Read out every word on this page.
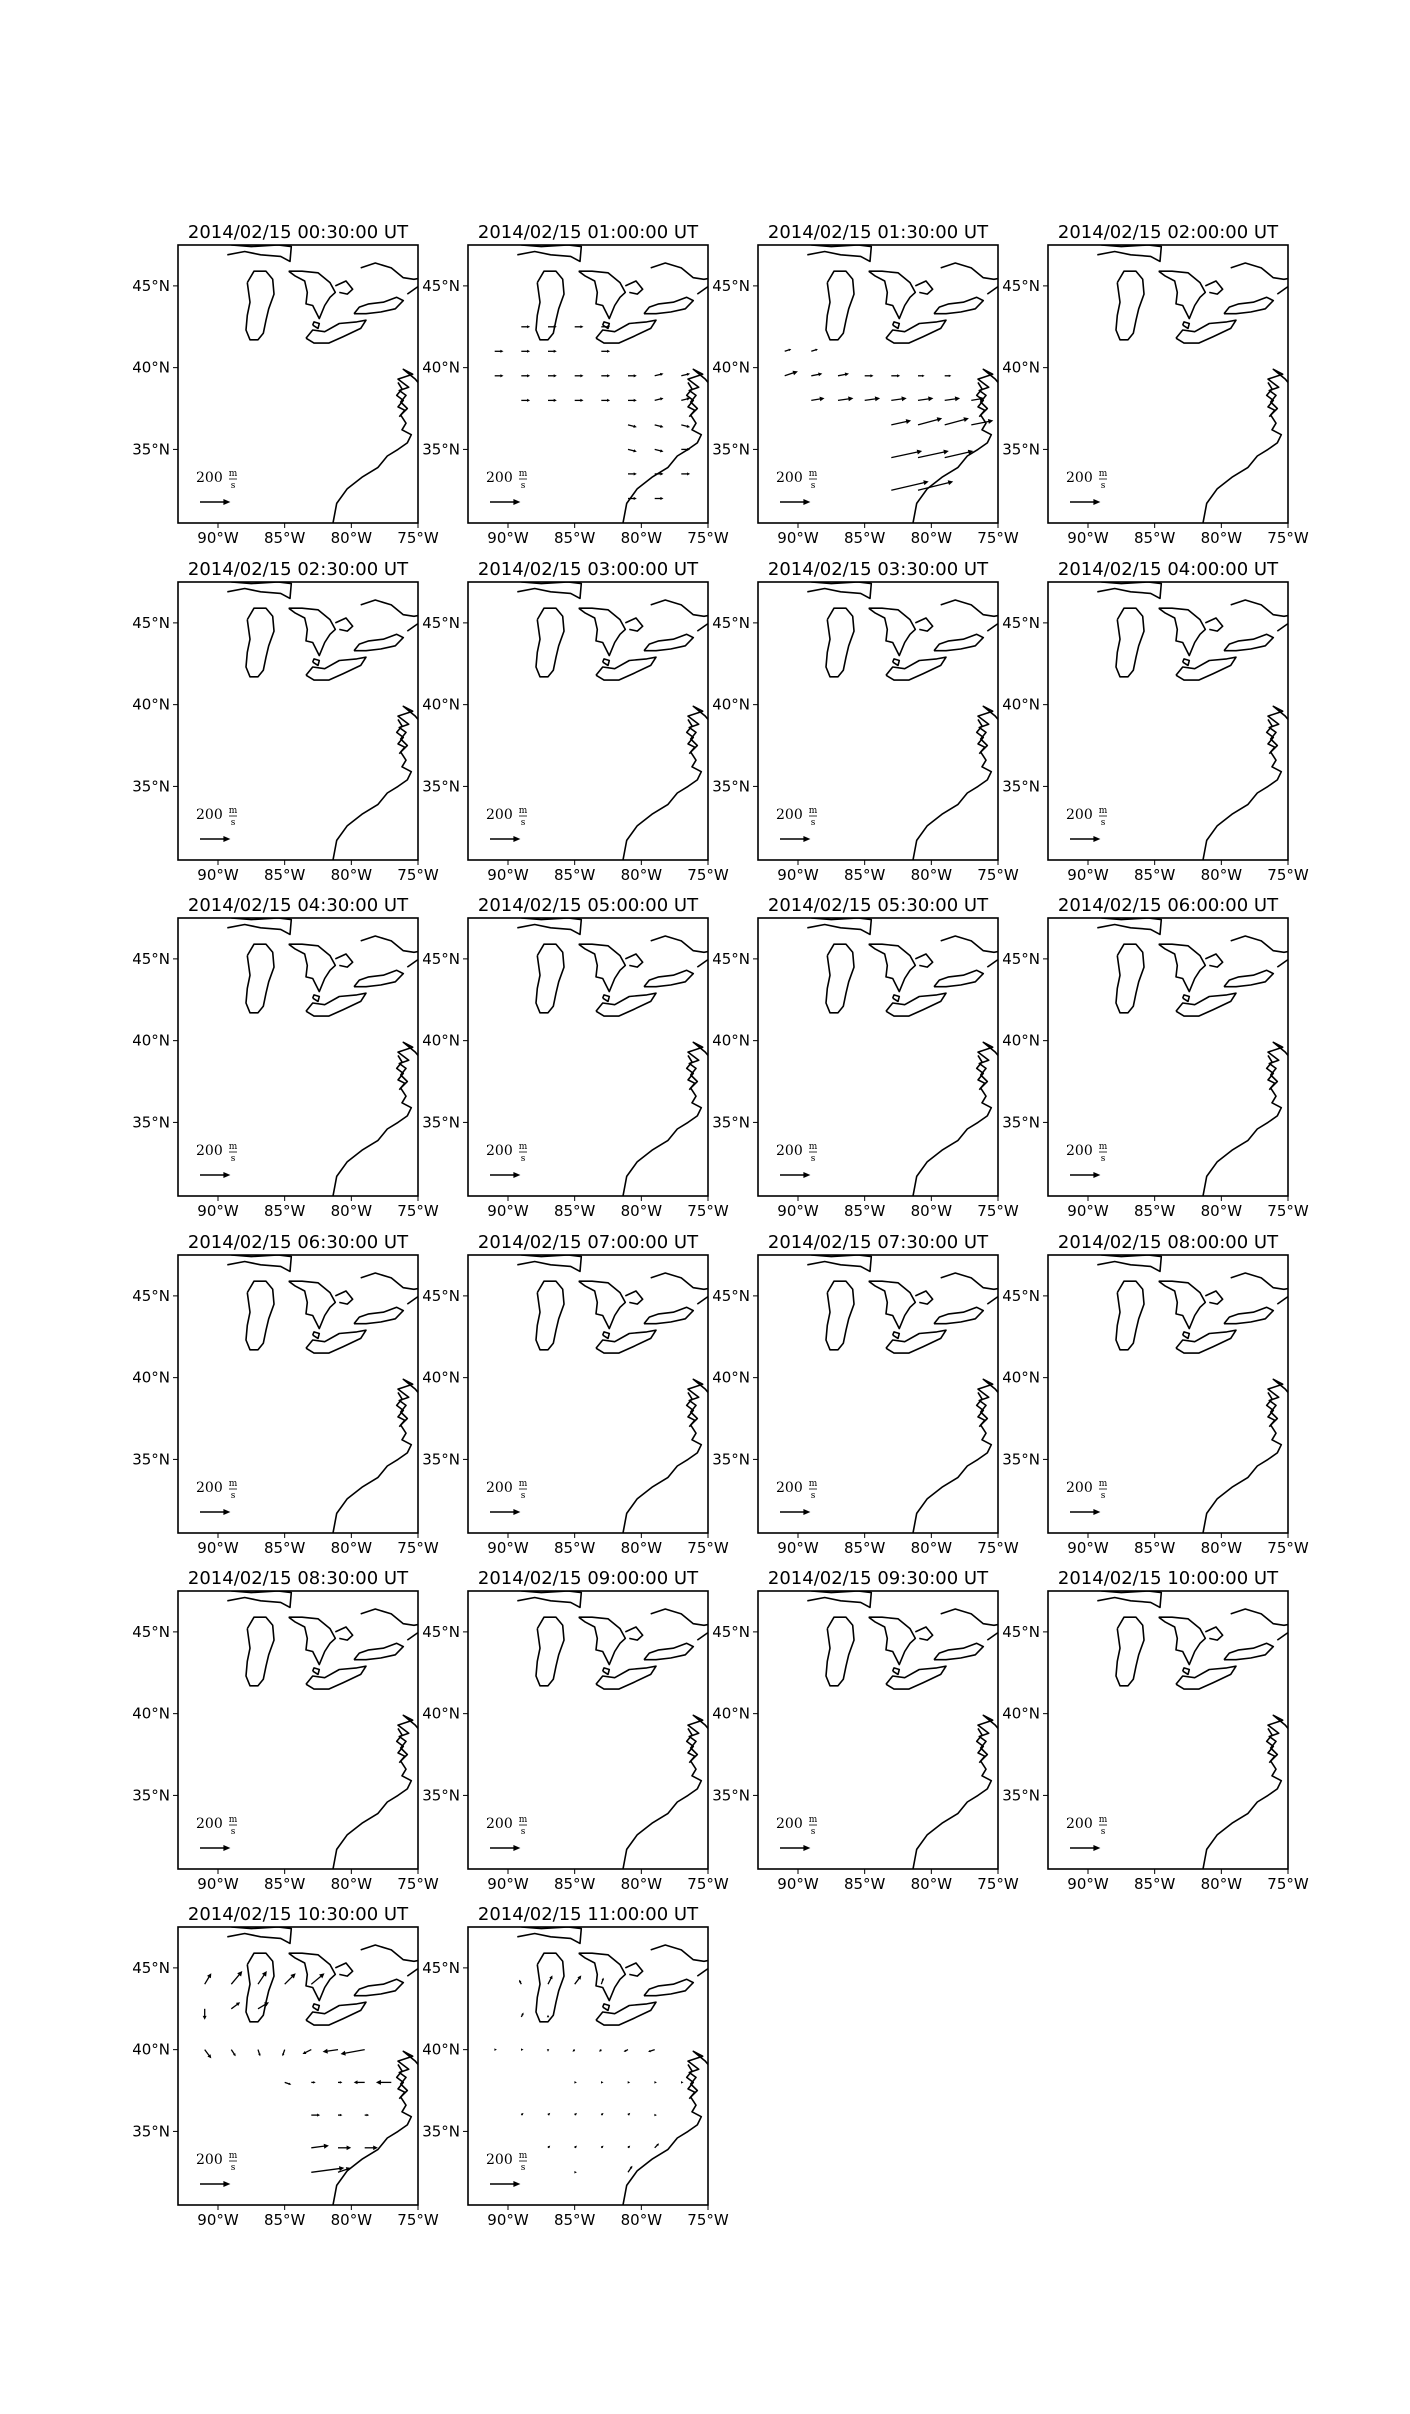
2014/02/15 00:30:00 UT
90°W 85°W 80°W 75°W
45°N
40°N
35°N
200 m
s
2014/02/15 01:00:00 UT
90°W 85°W 80°W 75°W
45°N
40°N
35°N
200 m
s
2014/02/15 01:30:00 UT
90°W 85°W 80°W 75°W
45°N
40°N
35°N
200 m
s
2014/02/15 02:00:00 UT
90°W 85°W 80°W 75°W
45°N
40°N
35°N
200 m
s
2014/02/15 02:30:00 UT
90°W 85°W 80°W 75°W
45°N
40°N
35°N
200 m
s
2014/02/15 03:00:00 UT
90°W 85°W 80°W 75°W
45°N
40°N
35°N
200 m
s
2014/02/15 03:30:00 UT
90°W 85°W 80°W 75°W
45°N
40°N
35°N
200 m
s
2014/02/15 04:00:00 UT
90°W 85°W 80°W 75°W
45°N
40°N
35°N
200 m
s
2014/02/15 04:30:00 UT
90°W 85°W 80°W 75°W
45°N
40°N
35°N
200 m
s
2014/02/15 05:00:00 UT
90°W 85°W 80°W 75°W
45°N
40°N
35°N
200 m
s
2014/02/15 05:30:00 UT
90°W 85°W 80°W 75°W
45°N
40°N
35°N
200 m
s
2014/02/15 06:00:00 UT
90°W 85°W 80°W 75°W
45°N
40°N
35°N
200 m
s
2014/02/15 06:30:00 UT
90°W 85°W 80°W 75°W
45°N
40°N
35°N
200 m
s
2014/02/15 07:00:00 UT
90°W 85°W 80°W 75°W
45°N
40°N
35°N
200 m
s
2014/02/15 07:30:00 UT
90°W 85°W 80°W 75°W
45°N
40°N
35°N
200 m
s
2014/02/15 08:00:00 UT
90°W 85°W 80°W 75°W
45°N
40°N
35°N
200 m
s
2014/02/15 08:30:00 UT
90°W 85°W 80°W 75°W
45°N
40°N
35°N
200 m
s
2014/02/15 09:00:00 UT
90°W 85°W 80°W 75°W
45°N
40°N
35°N
200 m
s
2014/02/15 09:30:00 UT
90°W 85°W 80°W 75°W
45°N
40°N
35°N
200 m
s
2014/02/15 10:00:00 UT
90°W 85°W 80°W 75°W
45°N
40°N
35°N
200 m
s
2014/02/15 10:30:00 UT
90°W 85°W 80°W 75°W
45°N
40°N
35°N
200 m
s
2014/02/15 11:00:00 UT
90°W 85°W 80°W 75°W
45°N
40°N
35°N
200 m
s
